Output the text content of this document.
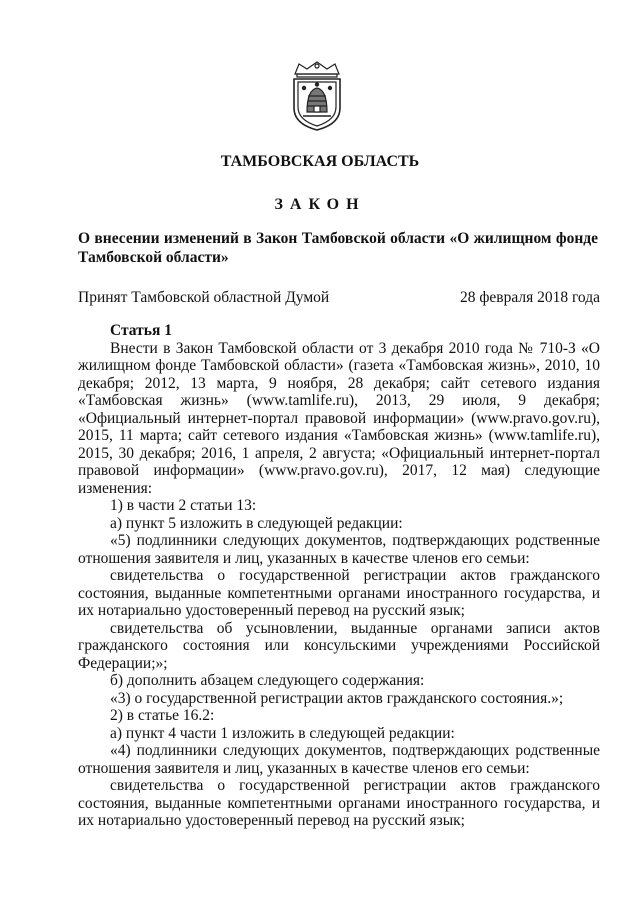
ТАМБОВСКАЯ ОБЛАСТЬ
ЗАКОН
О внесении изменений в Закон Тамбовской области «О жилищном фонде Тамбовской области»
Принят Тамбовской областной Думой	28 февраля 2018 года

Статья 1

Внести в Закон Тамбовской области от 3 декабря 2010 года № 710-З «О жилищном фонде Тамбовской области» (газета «Тамбовская жизнь», 2010, 10 декабря; 2012, 13 марта, 9 ноября, 28 декабря; сайт сетевого издания «Тамбовская жизнь» (www.tamlife.ru), 2013, 29 июля, 9 декабря; «Официальный интернет-портал правовой информации» (www.pravo.gov.ru), 2015, 11 марта; сайт сетевого издания «Тамбовская жизнь» (www.tamlife.ru), 2015, 30 декабря; 2016, 1 апреля, 2 августа; «Официальный интернет-портал правовой информации» (www.pravo.gov.ru), 2017, 12 мая) следующие изменения:

1) в части 2 статьи 13:

а) пункт 5 изложить в следующей редакции:

«5) подлинники следующих документов, подтверждающих родственные отношения заявителя и лиц, указанных в качестве членов его семьи:

свидетельства о государственной регистрации актов гражданского состояния, выданные компетентными органами иностранного государства, и их нотариально удостоверенный перевод на русский язык;

свидетельства об усыновлении, выданные органами записи актов гражданского состояния или консульскими учреждениями Российской Федерации;»;

б) дополнить абзацем следующего содержания:

«3) о государственной регистрации актов гражданского состояния.»;

2) в статье 16.2:

а) пункт 4 части 1 изложить в следующей редакции:

«4) подлинники следующих документов, подтверждающих родственные отношения заявителя и лиц, указанных в качестве членов его семьи:

свидетельства о государственной регистрации актов гражданского состояния, выданные компетентными органами иностранного государства, и их нотариально удостоверенный перевод на русский язык;
